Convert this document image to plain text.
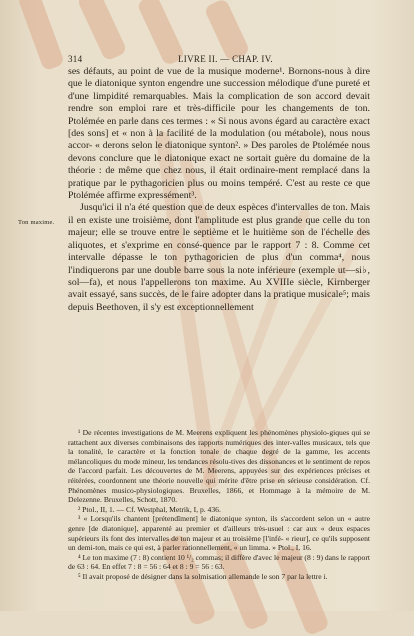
314	LIVRE II. — CHAP. IV.
Ton maxime.

ses défauts, au point de vue de la musique moderne¹. Bornons-nous à dire que le diatonique synton engendre une succession mélodique d'une pureté et d'une limpidité remarquables. Mais la complication de son accord devait rendre son emploi rare et très-difficile pour les changements de ton. Ptolémée en parle dans ces termes : « Si nous avons égard au caractère exact [des sons] et « non à la facilité de la modulation (ou métabole), nous nous accor- « derons selon le diatonique synton². » Des paroles de Ptolémée nous devons conclure que le diatonique exact ne sortait guère du domaine de la théorie : de même que chez nous, il était ordinaire-ment remplacé dans la pratique par le pythagoricien plus ou moins tempéré. C'est au reste ce que Ptolémée affirme expressément³.

Jusqu'ici il n'a été question que de deux espèces d'intervalles de ton. Mais il en existe une troisième, dont l'amplitude est plus grande que celle du ton majeur; elle se trouve entre le septième et le huitième son de l'échelle des aliquotes, et s'exprime en consé-quence par le rapport 7 : 8. Comme cet intervalle dépasse le ton pythagoricien de plus d'un comma⁴, nous l'indiquerons par une double barre sous la note inférieure (exemple ut—si♭, sol—fa), et nous l'appellerons ton maxime. Au XVIIIe siècle, Kirnberger avait essayé, sans succès, de le faire adopter dans la pratique musicale⁵; mais depuis Beethoven, il s'y est exceptionnellement

¹ De récentes investigations de M. Meerens expliquent les phénomènes physiolo-giques qui se rattachent aux diverses combinaisons des rapports numériques des inter-valles musicaux, tels que la tonalité, le caractère et la fonction tonale de chaque degré de la gamme, les accents mélancoliques du mode mineur, les tendances résolu-tives des dissonances et le sentiment de repos de l'accord parfait. Les découvertes de M. Meerens, appuyées sur des expériences précises et réitérées, coordonnent une théorie nouvelle qui mérite d'être prise en sérieuse considération. Cf. Phénomènes musico-physiologiques. Bruxelles, 1866, et Hommage à la mémoire de M. Delezenne. Bruxelles, Schott, 1870.

² Ptol., II, 1. — Cf. Westphal, Metrik, I, p. 436.

³ « Lorsqu'ils chantent [prétendîment] le diatonique synton, ils s'accordent selon un « autre genre [de diatonique], apparenté au premier et d'ailleurs très-usuel : car aux « deux espaces supérieurs ils font des intervalles de ton majeur et au troisième [l'infé- « rieur], ce qu'ils supposent un demi-ton, mais ce qui est, à parler rationnellement, « un limma. » Ptol., I, 16.

⁴ Le ton maxime (7 : 8) contient 10 ¹/₂ commas; il diffère d'avec le majeur (8 : 9) dans le rapport de 63 : 64. En effet 7 : 8 = 56 : 64 et 8 : 9 = 56 : 63.

⁵ Il avait proposé de désigner dans la solmisation allemande le son 7 par la lettre i.
